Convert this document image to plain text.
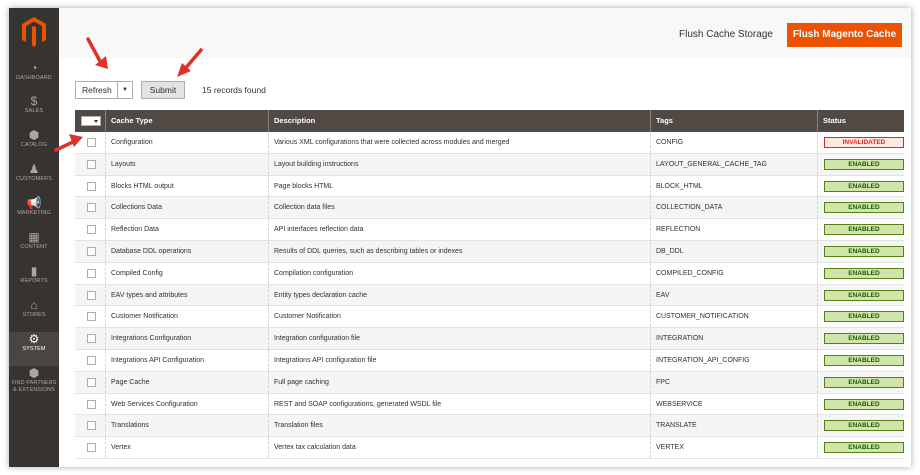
◔
DASHBOARD
$
SALES
⬢
CATALOG
♟
CUSTOMERS
📢
MARKETING
▦
CONTENT
▮
REPORTS
⌂
STORES
⚙
SYSTEM
⬢
FIND PARTNERS & EXTENSIONS
Flush Cache Storage	Flush Magento Cache
Refresh	▼	Submit	15 records found
Cache Type	Description	Tags	Status
Configuration	Various XML configurations that were collected across modules and merged	CONFIG	INVALIDATED
Layouts	Layout building instructions	LAYOUT_GENERAL_CACHE_TAG	ENABLED
Blocks HTML output	Page blocks HTML	BLOCK_HTML	ENABLED
Collections Data	Collection data files	COLLECTION_DATA	ENABLED
Reflection Data	API interfaces reflection data	REFLECTION	ENABLED
Database DDL operations	Results of DDL queries, such as describing tables or indexes	DB_DDL	ENABLED
Compiled Config	Compilation configuration	COMPILED_CONFIG	ENABLED
EAV types and attributes	Entity types declaration cache	EAV	ENABLED
Customer Notification	Customer Notification	CUSTOMER_NOTIFICATION	ENABLED
Integrations Configuration	Integration configuration file	INTEGRATION	ENABLED
Integrations API Configuration	Integrations API configuration file	INTEGRATION_API_CONFIG	ENABLED
Page Cache	Full page caching	FPC	ENABLED
Web Services Configuration	REST and SOAP configurations, generated WSDL file	WEBSERVICE	ENABLED
Translations	Translation files	TRANSLATE	ENABLED
Vertex	Vertex tax calculation data	VERTEX	ENABLED
